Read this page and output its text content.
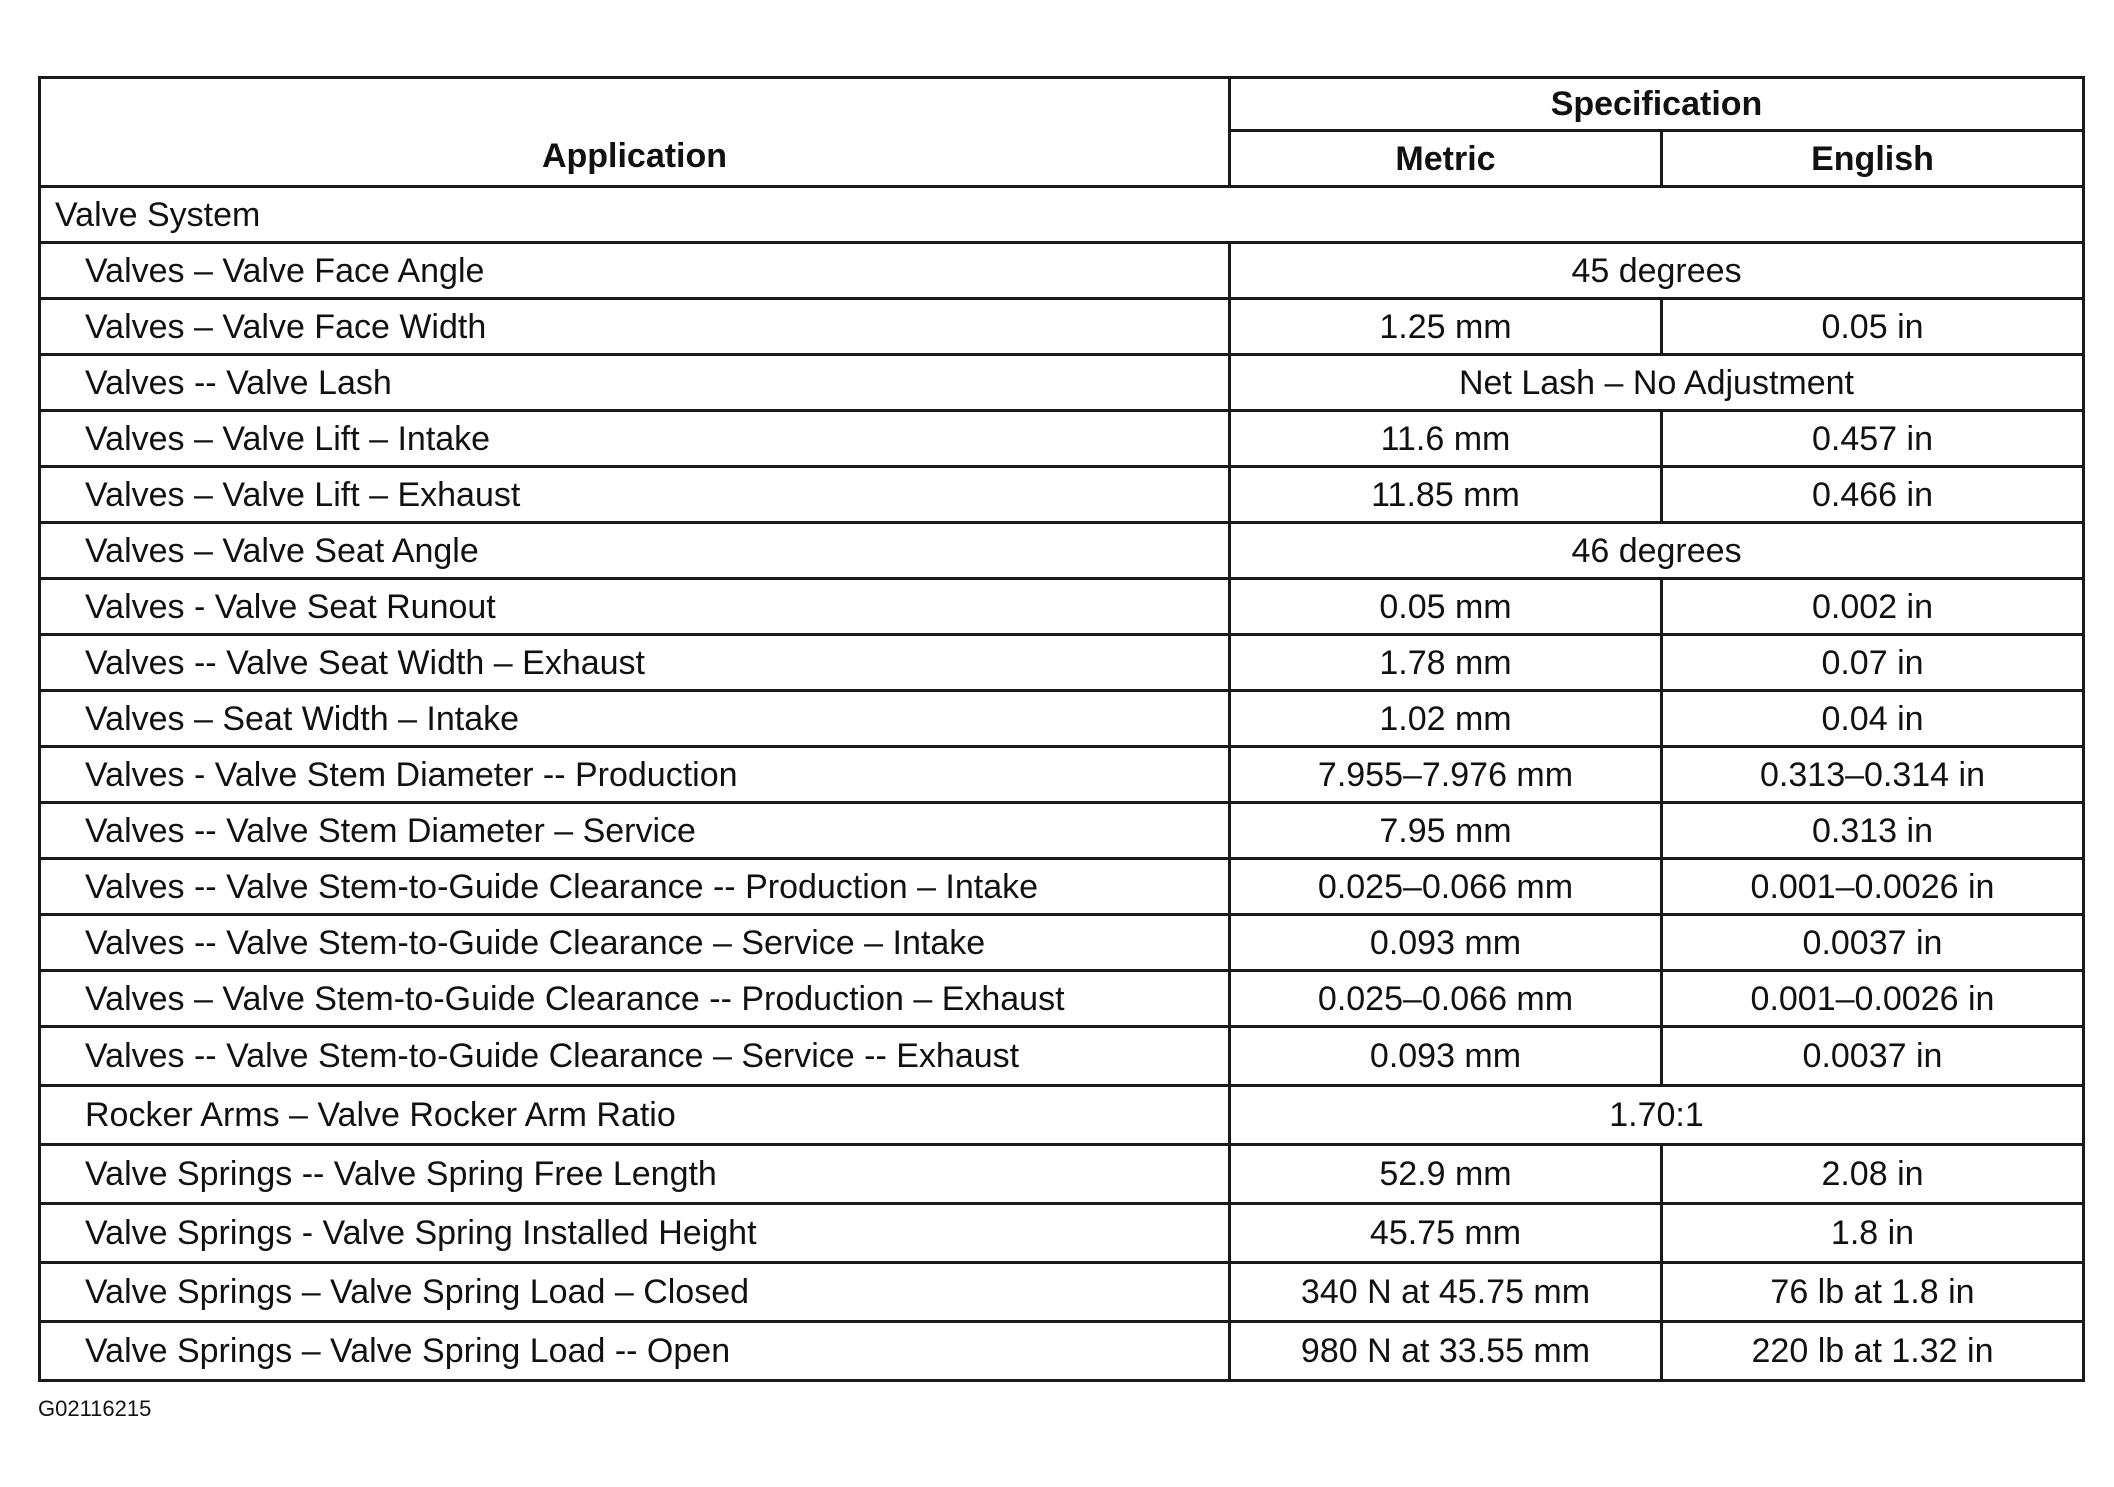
Application	Specification	
	Metric	English
Valve System		
Valves – Valve Face Angle	45 degrees	
Valves – Valve Face Width	1.25 mm	0.05 in
Valves -- Valve Lash	Net Lash – No Adjustment	
Valves – Valve Lift – Intake	11.6 mm	0.457 in
Valves – Valve Lift – Exhaust	11.85 mm	0.466 in
Valves – Valve Seat Angle	46 degrees	
Valves - Valve Seat Runout	0.05 mm	0.002 in
Valves -- Valve Seat Width – Exhaust	1.78 mm	0.07 in
Valves – Seat Width – Intake	1.02 mm	0.04 in
Valves - Valve Stem Diameter -- Production	7.955–7.976 mm	0.313–0.314 in
Valves -- Valve Stem Diameter – Service	7.95 mm	0.313 in
Valves -- Valve Stem-to-Guide Clearance -- Production – Intake	0.025–0.066 mm	0.001–0.0026 in
Valves -- Valve Stem-to-Guide Clearance – Service – Intake	0.093 mm	0.0037 in
Valves – Valve Stem-to-Guide Clearance -- Production – Exhaust	0.025–0.066 mm	0.001–0.0026 in
Valves -- Valve Stem-to-Guide Clearance – Service -- Exhaust	0.093 mm	0.0037 in
Rocker Arms – Valve Rocker Arm Ratio	1.70:1	
Valve Springs -- Valve Spring Free Length	52.9 mm	2.08 in
Valve Springs - Valve Spring Installed Height	45.75 mm	1.8 in
Valve Springs – Valve Spring Load – Closed	340 N at 45.75 mm	76 lb at 1.8 in
Valve Springs – Valve Spring Load -- Open	980 N at 33.55 mm	220 lb at 1.32 in
G02116215
